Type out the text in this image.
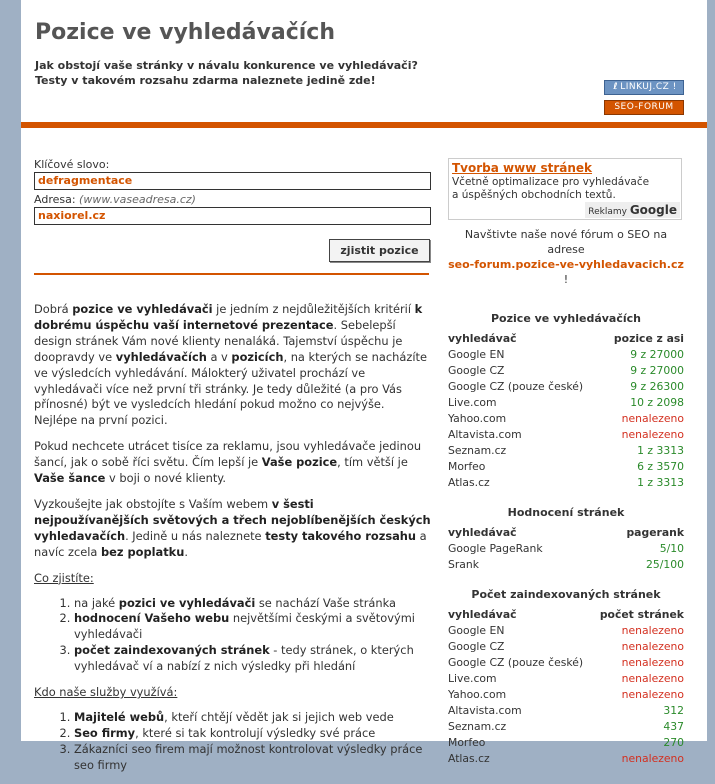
Pozice ve vyhledávačích
Jak obstojí vaše stránky v návalu konkurence ve vyhledávači?
Testy v takovém rozsahu zdarma naleznete jedině zde!	ℓ LINKUJ.CZ !
SEO-FORUM
Klíčové slovo:
defragmentace
Adresa: (www.vaseadresa.cz)
naxiorel.cz
zjistit pozice

Dobrá pozice ve vyhledávači je jedním z nejdůležitějších kritérií k dobrému úspěchu vaší internetové prezentace. Sebelepší design stránek Vám nové klienty nenaláká. Tajemství úspěchu je doopravdy ve vyhledávačích a v pozicích, na kterých se nacházíte ve výsledcích vyhledávání. Málokterý uživatel prochází ve vyhledávači více než první tři stránky. Je tedy důležité (a pro Vás přínosné) být ve vysledcích hledání pokud možno co nejvýše. Nejlépe na první pozici.

Pokud nechcete utrácet tisíce za reklamu, jsou vyhledávače jedinou šancí, jak o sobě říci světu. Čím lepší je Vaše pozice, tím větší je Vaše šance v boji o nové klienty.

Vyzkoušejte jak obstojíte s Vaším webem v šesti nejpoužívanějších světových a třech nejoblíbenějších českých vyhledavačích. Jedině u nás naleznete testy takového rozsahu a navíc zcela bez poplatku.

Co zjistíte:
1. na jaké pozici ve vyhledávači se nachází Vaše stránka
2. hodnocení Vašeho webu největšími českými a světovými vyhledávači
3. počet zaindexovaných stránek - tedy stránek, o kterých vyhledávač ví a nabízí z nich výsledky při hledání
Kdo naše služby využívá:
1. Majitelé webů, kteří chtějí vědět jak si jejich web vede
2. Seo firmy, které si tak kontrolují výsledky své práce
3. Zákazníci seo firem mají možnost kontrolovat výsledky práce seo firmy
Tvorba www stránek
Včetně optimalizace pro vyhledávače a úspěšných obchodních textů.
Reklamy Google
Navštivte naše nové fórum o SEO na adrese
seo-forum.pozice-ve-vyhledavacich.cz !
Pozice ve vyhledávačích
vyhledávač	pozice z asi
Google EN	9 z 27000
Google CZ	9 z 27000
Google CZ (pouze české)	9 z 26300
Live.com	10 z 2098
Yahoo.com	nenalezeno
Altavista.com	nenalezeno
Seznam.cz	1 z 3313
Morfeo	6 z 3570
Atlas.cz	1 z 3313
Hodnocení stránek
vyhledávač	pagerank
Google PageRank	5/10
Srank	25/100
Počet zaindexovaných stránek
vyhledávač	počet stránek
Google EN	nenalezeno
Google CZ	nenalezeno
Google CZ (pouze české)	nenalezeno
Live.com	nenalezeno
Yahoo.com	nenalezeno
Altavista.com	312
Seznam.cz	437
Morfeo	270
Atlas.cz	nenalezeno
